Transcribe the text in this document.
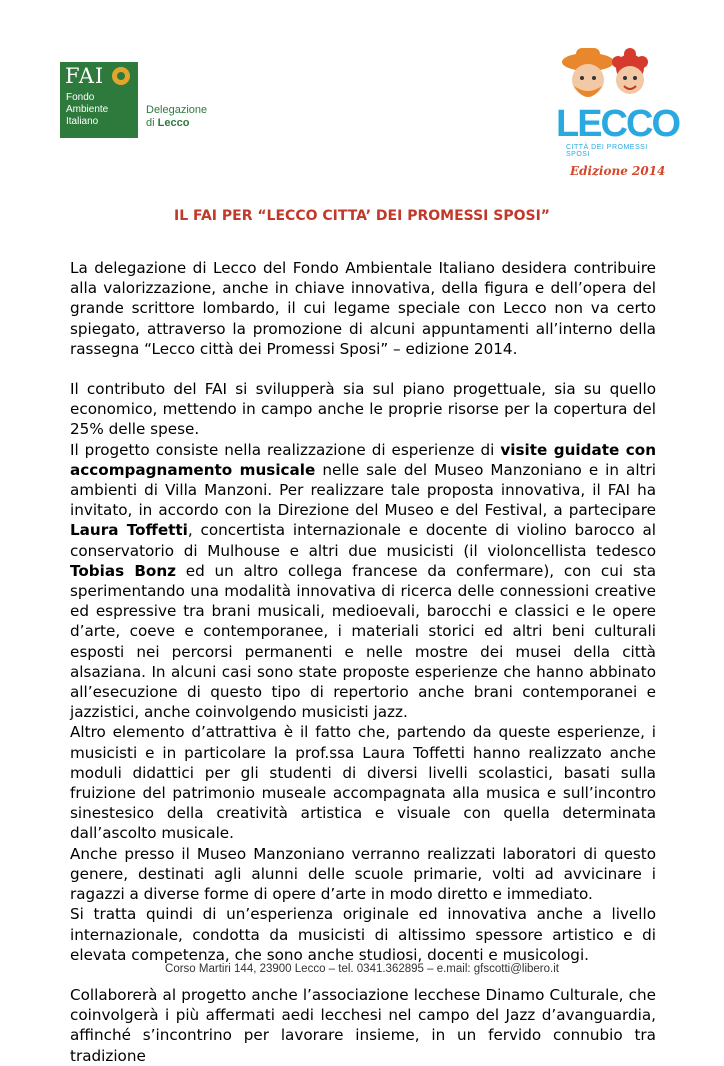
FAI
Fondo
Ambiente
Italiano
Delegazione
di Lecco	LECCO
CITTÀ DEI PROMESSI SPOSI
Edizione 2014
IL FAI PER “LECCO CITTA’ DEI PROMESSI SPOSI”

La delegazione di Lecco del Fondo Ambientale Italiano desidera contribuire alla valorizzazione, anche in chiave innovativa, della figura e dell’opera del grande scrittore lombardo, il cui legame speciale con Lecco non va certo spiegato, attraverso la promozione di alcuni appuntamenti all’interno della rassegna “Lecco città dei Promessi Sposi” – edizione 2014.

Il contributo del FAI si svilupperà sia sul piano progettuale, sia su quello economico, mettendo in campo anche le proprie risorse per la copertura del 25% delle spese.

Il progetto consiste nella realizzazione di esperienze di visite guidate con accompagnamento musicale nelle sale del Museo Manzoniano e in altri ambienti di Villa Manzoni. Per realizzare tale proposta innovativa, il FAI ha invitato, in accordo con la Direzione del Museo e del Festival, a partecipare Laura Toffetti, concertista internazionale e docente di violino barocco al conservatorio di Mulhouse e altri due musicisti (il violoncellista tedesco Tobias Bonz ed un altro collega francese da confermare), con cui sta sperimentando una modalità innovativa di ricerca delle connessioni creative ed espressive tra brani musicali, medioevali, barocchi e classici e le opere d’arte, coeve e contemporanee, i materiali storici ed altri beni culturali esposti nei percorsi permanenti e nelle mostre dei musei della città alsaziana. In alcuni casi sono state proposte esperienze che hanno abbinato all’esecuzione di questo tipo di repertorio anche brani contemporanei e jazzistici, anche coinvolgendo musicisti jazz.

Altro elemento d’attrattiva è il fatto che, partendo da queste esperienze, i musicisti e in particolare la prof.ssa Laura Toffetti hanno realizzato anche moduli didattici per gli studenti di diversi livelli scolastici, basati sulla fruizione del patrimonio museale accompagnata alla musica e sull’incontro sinestesico della creatività artistica e visuale con quella determinata dall’ascolto musicale.

Anche presso il Museo Manzoniano verranno realizzati laboratori di questo genere, destinati agli alunni delle scuole primarie, volti ad avvicinare i ragazzi a diverse forme di opere d’arte in modo diretto e immediato.

Si tratta quindi di un’esperienza originale ed innovativa anche a livello internazionale, condotta da musicisti di altissimo spessore artistico e di elevata competenza, che sono anche studiosi, docenti e musicologi.

Collaborerà al progetto anche l’associazione lecchese Dinamo Culturale, che coinvolgerà i più affermati aedi lecchesi nel campo del Jazz d’avanguardia, affinché s’incontrino per lavorare insieme, in un fervido connubio tra tradizione

Corso Martiri 144, 23900 Lecco – tel. 0341.362895 – e.mail: gfscotti@libero.it
